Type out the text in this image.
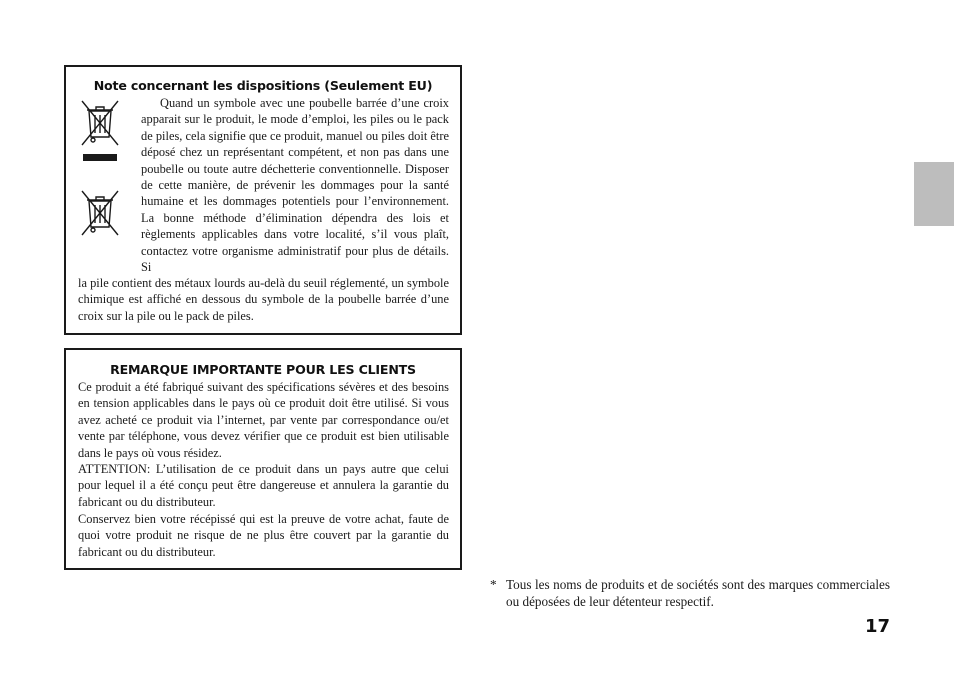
Note concernant les dispositions (Seulement EU)
Quand un symbole avec une poubelle barrée d’une croix apparait sur le produit, le mode d’emploi, les piles ou le pack de piles, cela signifie que ce produit, manuel ou piles doit être déposé chez un représentant compétent, et non pas dans une poubelle ou toute autre déchetterie conventionnelle. Disposer de cette manière, de prévenir les dommages pour la santé humaine et les dommages potentiels pour l’environnement. La bonne méthode d’élimination dépendra des lois et règlements applicables dans votre localité, s’il vous plaît, contactez votre organisme administratif pour plus de détails. Si
la pile contient des métaux lourds au-delà du seuil réglementé, un symbole chimique est affiché en dessous du symbole de la poubelle barrée d’une croix sur la pile ou le pack de piles.
REMARQUE IMPORTANTE POUR LES CLIENTS
Ce produit a été fabriqué suivant des spécifications sévères et des besoins en tension applicables dans le pays où ce produit doit être utilisé. Si vous avez acheté ce produit via l’internet, par vente par correspondance ou/et vente par téléphone, vous devez vérifier que ce produit est bien utilisable dans le pays où vous résidez.
ATTENTION: L’utilisation de ce produit dans un pays autre que celui pour lequel il a été conçu peut être dangereuse et annulera la garantie du fabricant ou du distributeur.
Conservez bien votre récépissé qui est la preuve de votre achat, faute de quoi votre produit ne risque de ne plus être couvert par la garantie du fabricant ou du distributeur.
* Tous les noms de produits et de sociétés sont des marques commerciales ou déposées de leur détenteur respectif.
17
